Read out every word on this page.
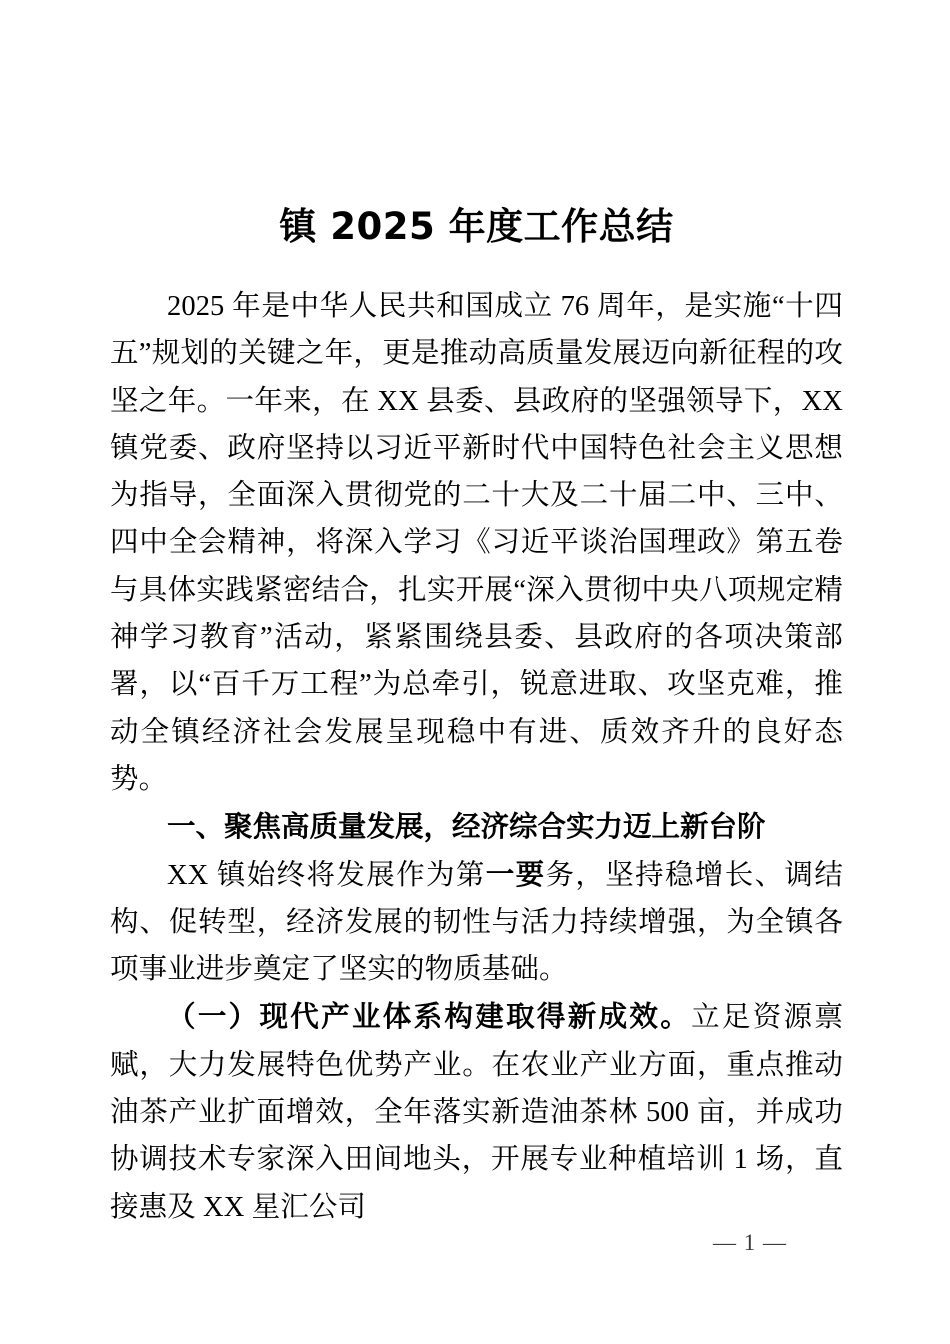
镇 2025 年度工作总结

2025 年是中华人民共和国成立 76 周年，是实施“十四五”规划的关键之年，更是推动高质量发展迈向新征程的攻坚之年。一年来，在 XX 县委、县政府的坚强领导下，XX 镇党委、政府坚持以习近平新时代中国特色社会主义思想为指导，全面深入贯彻党的二十大及二十届二中、三中、四中全会精神，将深入学习《习近平谈治国理政》第五卷与具体实践紧密结合，扎实开展“深入贯彻中央八项规定精神学习教育”活动，紧紧围绕县委、县政府的各项决策部署，以“百千万工程”为总牵引，锐意进取、攻坚克难，推动全镇经济社会发展呈现稳中有进、质效齐升的良好态势。

一、聚焦高质量发展，经济综合实力迈上新台阶

XX 镇始终将发展作为第一要务，坚持稳增长、调结构、促转型，经济发展的韧性与活力持续增强，为全镇各项事业进步奠定了坚实的物质基础。

（一）现代产业体系构建取得新成效。立足资源禀赋，大力发展特色优势产业。在农业产业方面，重点推动油茶产业扩面增效，全年落实新造油茶林 500 亩，并成功协调技术专家深入田间地头，开展专业种植培训 1 场，直接惠及 XX 星汇公司

— 1 —
